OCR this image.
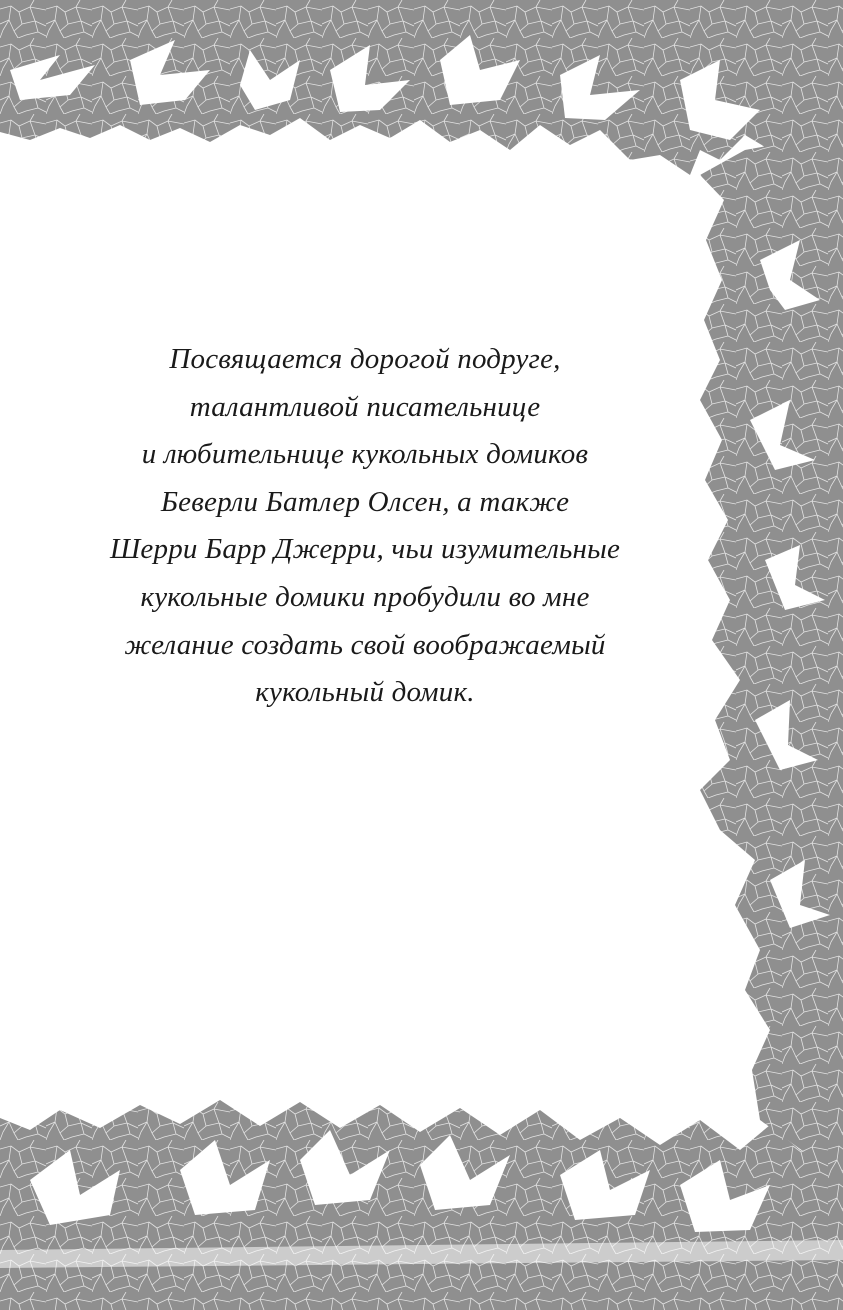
Посвящается дорогой подруге,
талантливой писательнице
и любительнице кукольных домиков
Беверли Батлер Олсен, а также
Шерри Барр Джерри, чьи изумительные
кукольные домики пробудили во мне
желание создать свой воображаемый
кукольный домик.
